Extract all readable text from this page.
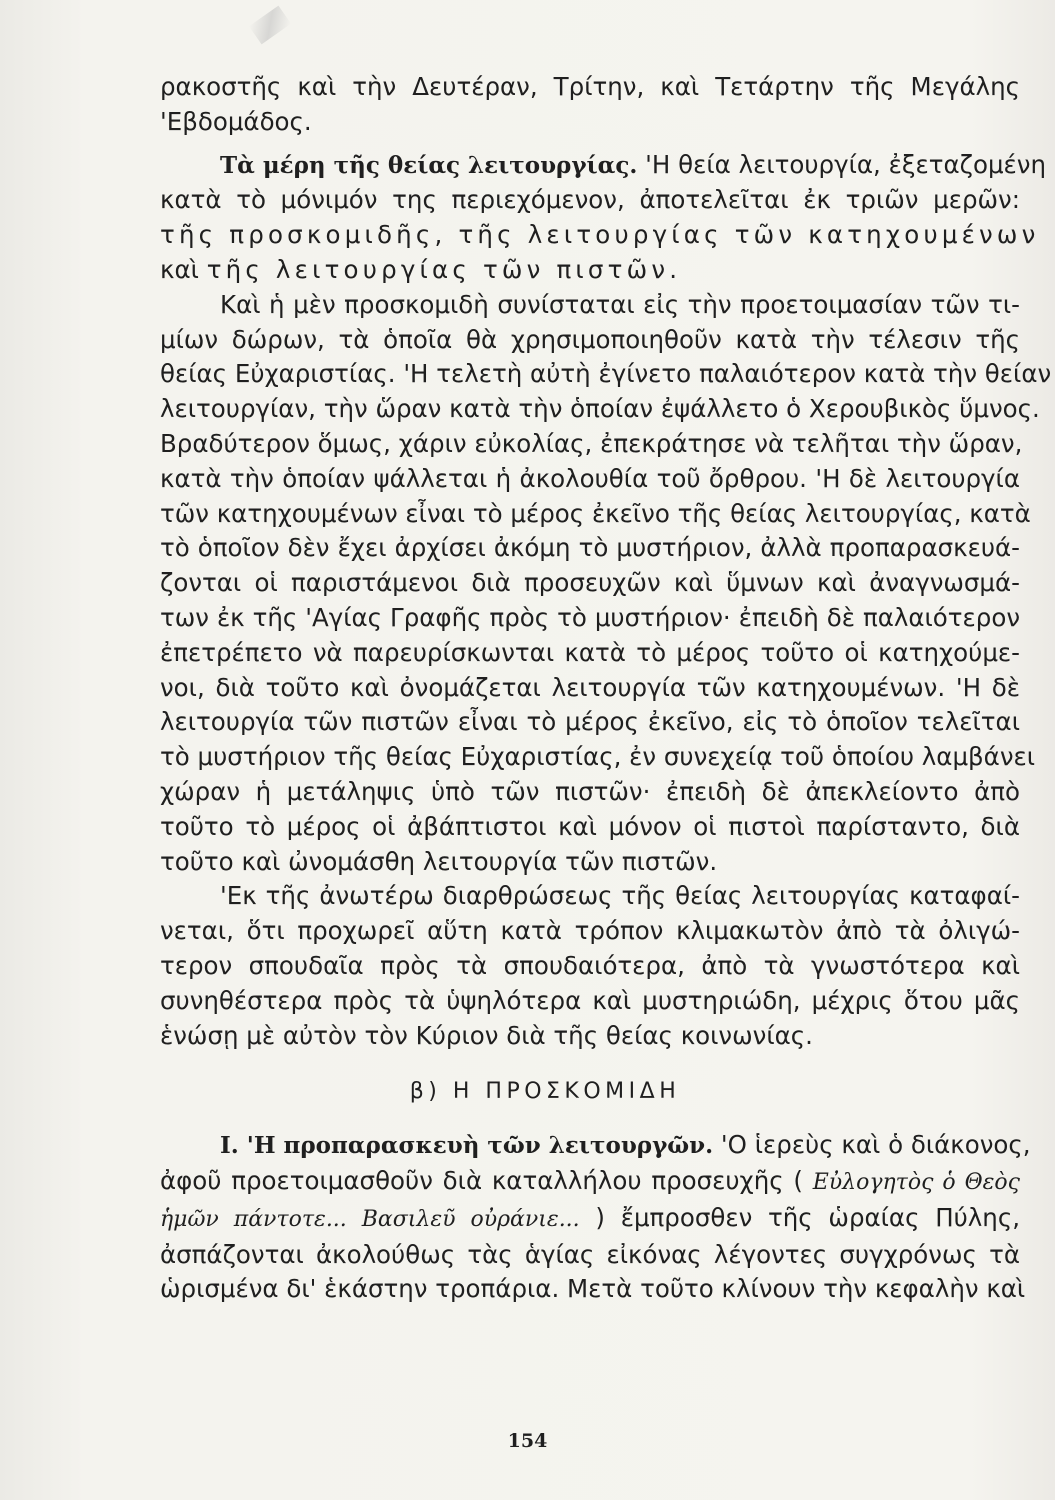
ρακοστῆς καὶ τὴν Δευτέραν, Τρίτην, καὶ Τετάρτην τῆς Μεγάλης
'Εβδομάδος.

Τὰ μέρη τῆς θείας λειτουργίας. 'Η θεία λειτουργία, ἐξεταζομένη
κατὰ τὸ μόνιμόν της περιεχόμενον, ἀποτελεῖται ἐκ τριῶν μερῶν:
τῆς προσκομιδῆς, τῆς λειτουργίας τῶν κατηχουμένων
καὶ τῆς λειτουργίας τῶν πιστῶν.

Καὶ ἡ μὲν προσκομιδὴ συνίσταται εἰς τὴν προετοιμασίαν τῶν τι-
μίων δώρων, τὰ ὁποῖα θὰ χρησιμοποιηθοῦν κατὰ τὴν τέλεσιν τῆς
θείας Εὐχαριστίας. 'Η τελετὴ αὐτὴ ἐγίνετο παλαιότερον κατὰ τὴν θείαν
λειτουργίαν, τὴν ὥραν κατὰ τὴν ὁποίαν ἐψάλλετο ὁ Χερουβικὸς ὕμνος.
Βραδύτερον ὅμως, χάριν εὐκολίας, ἐπεκράτησε νὰ τελῆται τὴν ὥραν,
κατὰ τὴν ὁποίαν ψάλλεται ἡ ἀκολουθία τοῦ ὄρθρου. 'Η δὲ λειτουργία
τῶν κατηχουμένων εἶναι τὸ μέρος ἐκεῖνο τῆς θείας λειτουργίας, κατὰ
τὸ ὁποῖον δὲν ἔχει ἀρχίσει ἀκόμη τὸ μυστήριον, ἀλλὰ προπαρασκευά-
ζονται οἱ παριστάμενοι διὰ προσευχῶν καὶ ὕμνων καὶ ἀναγνωσμά-
των ἐκ τῆς 'Αγίας Γραφῆς πρὸς τὸ μυστήριον· ἐπειδὴ δὲ παλαιότερον
ἐπετρέπετο νὰ παρευρίσκωνται κατὰ τὸ μέρος τοῦτο οἱ κατηχούμε-
νοι, διὰ τοῦτο καὶ ὀνομάζεται λειτουργία τῶν κατηχουμένων. 'Η δὲ
λειτουργία τῶν πιστῶν εἶναι τὸ μέρος ἐκεῖνο, εἰς τὸ ὁποῖον τελεῖται
τὸ μυστήριον τῆς θείας Εὐχαριστίας, ἐν συνεχείᾳ τοῦ ὁποίου λαμβάνει
χώραν ἡ μετάληψις ὑπὸ τῶν πιστῶν· ἐπειδὴ δὲ ἀπεκλείοντο ἀπὸ
τοῦτο τὸ μέρος οἱ ἀβάπτιστοι καὶ μόνον οἱ πιστοὶ παρίσταντο, διὰ
τοῦτο καὶ ὠνομάσθη λειτουργία τῶν πιστῶν.

'Εκ τῆς ἀνωτέρω διαρθρώσεως τῆς θείας λειτουργίας καταφαί-
νεται, ὅτι προχωρεῖ αὕτη κατὰ τρόπον κλιμακωτὸν ἀπὸ τὰ ὀλιγώ-
τερον σπουδαῖα πρὸς τὰ σπουδαιότερα, ἀπὸ τὰ γνωστότερα καὶ
συνηθέστερα πρὸς τὰ ὑψηλότερα καὶ μυστηριώδη, μέχρις ὅτου μᾶς
ἑνώσῃ μὲ αὐτὸν τὸν Κύριον διὰ τῆς θείας κοινωνίας.

β) Η ΠΡΟΣΚΟΜΙΔΗ

Ι. 'Η προπαρασκευὴ τῶν λειτουργῶν. 'Ο ἱερεὺς καὶ ὁ διάκονος,
ἀφοῦ προετοιμασθοῦν διὰ καταλλήλου προσευχῆς ( Εὐλογητὸς ὁ Θεὸς
ἡμῶν πάντοτε... Βασιλεῦ οὐράνιε... ) ἔμπροσθεν τῆς ὡραίας Πύλης,
ἀσπάζονται ἀκολούθως τὰς ἁγίας εἰκόνας λέγοντες συγχρόνως τὰ
ὡρισμένα δι' ἑκάστην τροπάρια. Μετὰ τοῦτο κλίνουν τὴν κεφαλὴν καὶ

154
